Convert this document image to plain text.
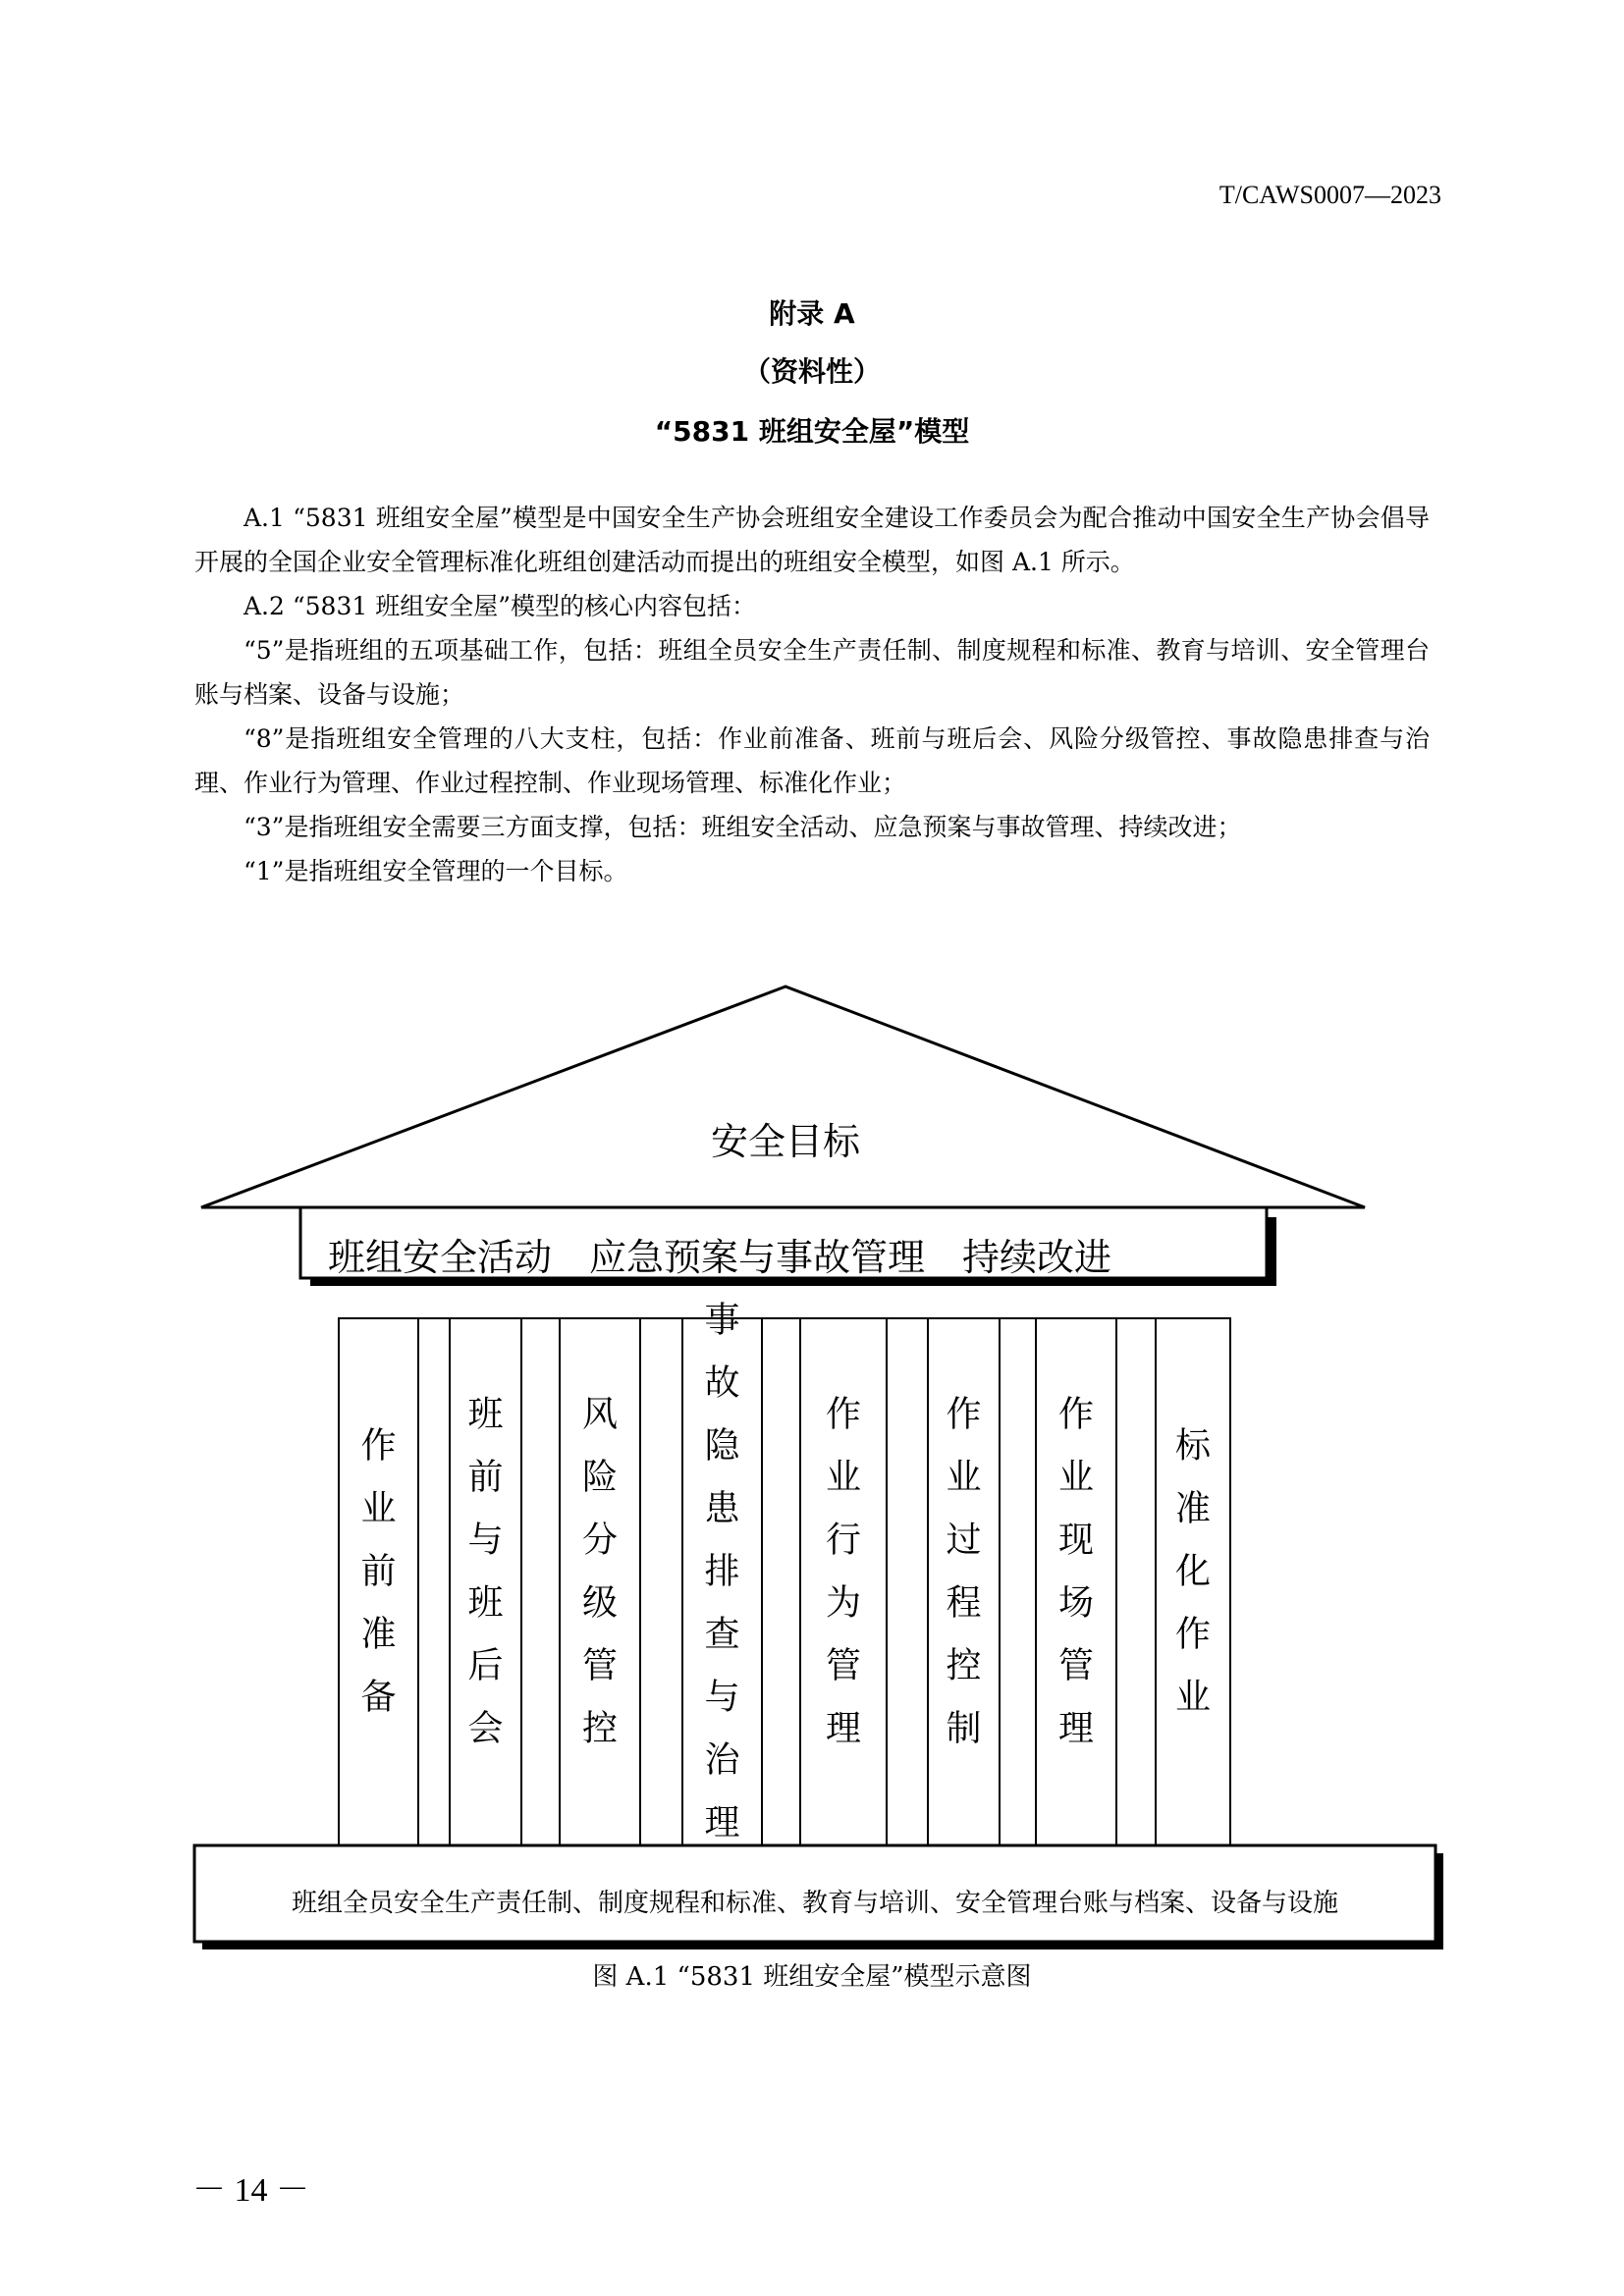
T/CAWS0007—2023
附录 A
（资料性）
“5831 班组安全屋”模型

A.1 “5831 班组安全屋”模型是中国安全生产协会班组安全建设工作委员会为配合推动中国安全生产协会倡导开展的全国企业安全管理标准化班组创建活动而提出的班组安全模型，如图 A.1 所示。

A.2 “5831 班组安全屋”模型的核心内容包括：

“5”是指班组的五项基础工作，包括：班组全员安全生产责任制、制度规程和标准、教育与培训、安全管理台账与档案、设备与设施；

“8”是指班组安全管理的八大支柱，包括：作业前准备、班前与班后会、风险分级管控、事故隐患排查与治理、作业行为管理、作业过程控制、作业现场管理、标准化作业；

“3”是指班组安全需要三方面支撑，包括：班组安全活动、应急预案与事故管理、持续改进；

“1”是指班组安全管理的一个目标。

安全目标
班组安全活动　应急预案与事故管理　持续改进
作业前准备
班前与班后会
风险分级管控
事故隐患排查与治理
作业行为管理
作业过程控制
作业现场管理
标准化作业
班组全员安全生产责任制、制度规程和标准、教育与培训、安全管理台账与档案、设备与设施
图 A.1 “5831 班组安全屋”模型示意图
－ 14 －
